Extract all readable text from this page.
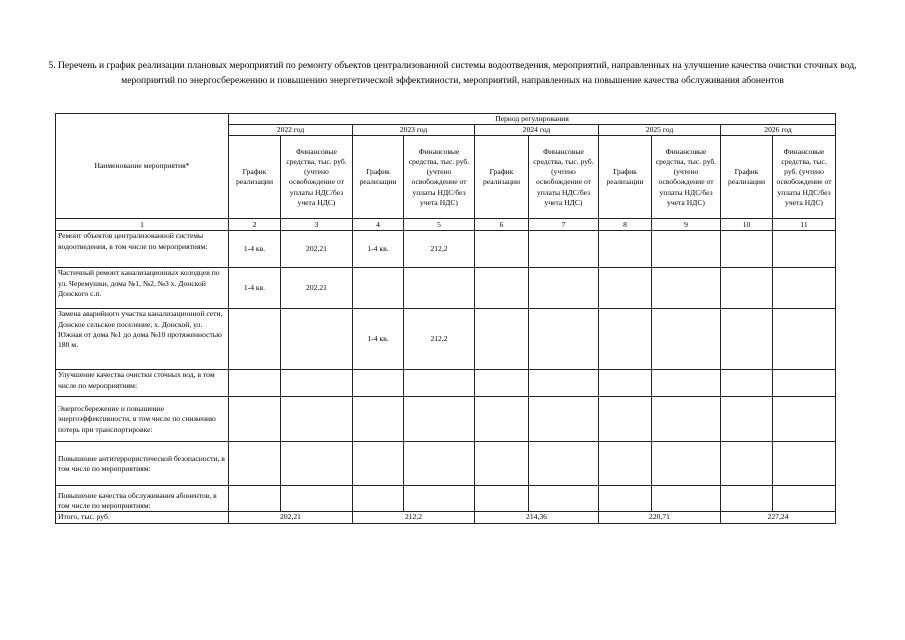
5. Перечень и график реализации плановых мероприятий по ремонту объектов централизованной системы водоотведения, мероприятий, направленных на улучшение качества очистки сточных вод, мероприятий по энергосбережению и повышению энергетической эффективности, мероприятий, направленных на повышение качества обслуживания абонентов
Наименование мероприятия*	Период регулирования									
	2022 год		2023 год		2024 год		2025 год		2026 год	
	График реализации	Финансовые средства, тыс. руб. (учтено освобождение от уплаты НДС/без учета НДС)	График реализации	Финансовые средства, тыс. руб. (учтено освобождение от уплаты НДС/без учета НДС)	График реализации	Финансовые средства, тыс. руб. (учтено освобождение от уплаты НДС/без учета НДС)	График реализации	Финансовые средства, тыс. руб. (учтено освобождение от уплаты НДС/без учета НДС)	График реализации	Финансовые средства, тыс. руб. (учтено освобождение от уплаты НДС/без учета НДС)
1	2	3	4	5	6	7	8	9	10	11
Ремонт объектов централизованной системы водоотведения, в том числе по мероприятиям:	1-4 кв.	202,21	1-4 кв.	212,2						
Частичный ремонт канализационных колодцев по ул. Черемушки, дома №1, №2, №3 х. Донской Донского с.п.	1-4 кв.	202,21								
Замена аварийного участка канализационной сети, Донское сельское поселение, х. Донской, ул. Южная от дома №1 до дома №10 протяженностью 180 м.			1-4 кв.	212,2						
Улучшение качества очистки сточных вод, в том числе по мероприятиям:										
Энергосбережение и повышение энергоэффективности, в том числе по снижению потерь при транспортировке:										
Повышение антитеррористической безопасности, в том числе по мероприятиям:										
Повышение качества обслуживания абонентов, в том числе по мероприятиям:										
Итого, тыс. руб.	202,21		212,2		214,36		220,71		227,24	
